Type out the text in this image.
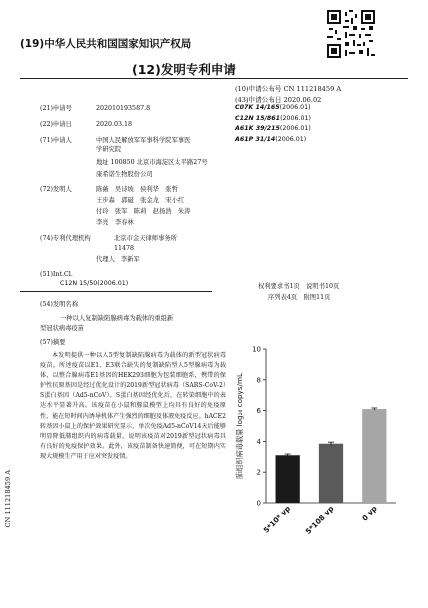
(19)中华人民共和国国家知识产权局
(12)发明专利申请
(10)申请公布号 CN 111218459 A
(43)申请公布日 2020.06.02
(21)申请号	202010193587.8
(22)申请日	2020.03.18
(71)申请人	中国人民解放军军事科学院军事医
学研究院
地址 100850 北京市海淀区太平路27号
康希诺生物股份公司
(72)发明人	陈薇　吴诗坡　侯利华　张哲
王步森　郭磁　张金龙　宋小红
付玲　张军　陈莉　赵扬浩　朱涛
李亮　李春林
(74)专利代理机构	北京市金天律师事务所
11478
代理人 李新军
(51)Int.Cl.
C12N 15/50(2006.01)
C07K 14/165(2006.01)
C12N 15/861(2006.01)
A61K 39/215(2006.01)
A61P 31/14(2006.01)
权利要求书1页　说明书10页
序列表4页　附图11页
(54)发明名称
一种以人复制缺陷腺病毒为载体的重组新
型冠状病毒疫苗
(57)摘要

本发明提供一种以人5型复制缺陷腺病毒为载体的新型冠状病毒疫苗。所述疫苗以E1、E3联合缺失的复制缺陷型人5型腺病毒为载体，以整合腺病毒E1基因的HEK293细胞为包装细胞系，携带的保护性抗原基因是经过优化设计的2019新型冠状病毒（SARS-CoV-2）S蛋白基因（Ad5-nCoV）。S蛋白基因经优化后，在转染细胞中的表达水平显著升高。该疫苗在小鼠和豚鼠模型上均具有良好的免疫原性，能在短时间内诱导机体产生强烈的细胞及体液免疫反应。hACE2转基因小鼠上的保护效果研究显示，单次免疫Ad5-nCoV14天后能够明显降低肺组织内的病毒载量，说明该疫苗对2019新型冠状病毒具有良好的免疫保护效果。此外，该疫苗制备快速简便，可在短期内实现大规模生产用于应对突发疫情。

CN 111218459 A	0
2
4
6
8
10
肺组织病毒载量 log₁₀ copys/mL
5*10⁹ vp 5*108 vp	0 vp
